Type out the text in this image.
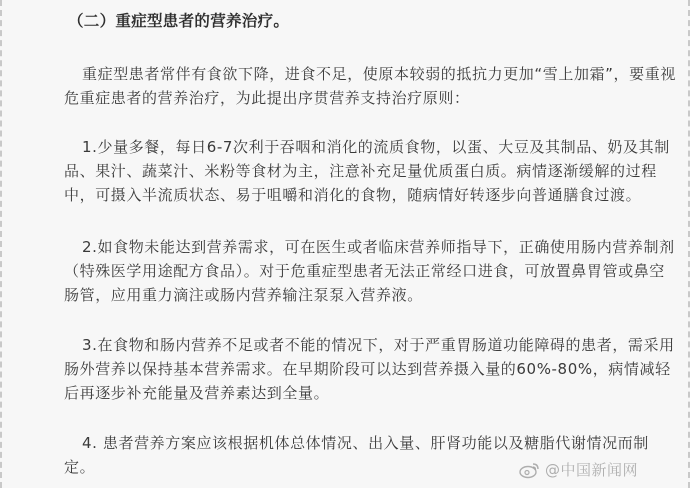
（二）重症型患者的营养治疗。
重症型患者常伴有食欲下降，进食不足，使原本较弱的抵抗力更加“雪上加霜”，要重视危重症患者的营养治疗，为此提出序贯营养支持治疗原则：
1.少量多餐，每日6-7次利于吞咽和消化的流质食物，以蛋、大豆及其制品、奶及其制品、果汁、蔬菜汁、米粉等食材为主，注意补充足量优质蛋白质。病情逐渐缓解的过程中，可摄入半流质状态、易于咀嚼和消化的食物，随病情好转逐步向普通膳食过渡。
2.如食物未能达到营养需求，可在医生或者临床营养师指导下，正确使用肠内营养制剂（特殊医学用途配方食品）。对于危重症型患者无法正常经口进食，可放置鼻胃管或鼻空肠管，应用重力滴注或肠内营养输注泵泵入营养液。
3.在食物和肠内营养不足或者不能的情况下，对于严重胃肠道功能障碍的患者，需采用肠外营养以保持基本营养需求。在早期阶段可以达到营养摄入量的60%-80%，病情减轻后再逐步补充能量及营养素达到全量。
4. 患者营养方案应该根据机体总体情况、出入量、肝肾功能以及糖脂代谢情况而制定。	@中国新闻网
